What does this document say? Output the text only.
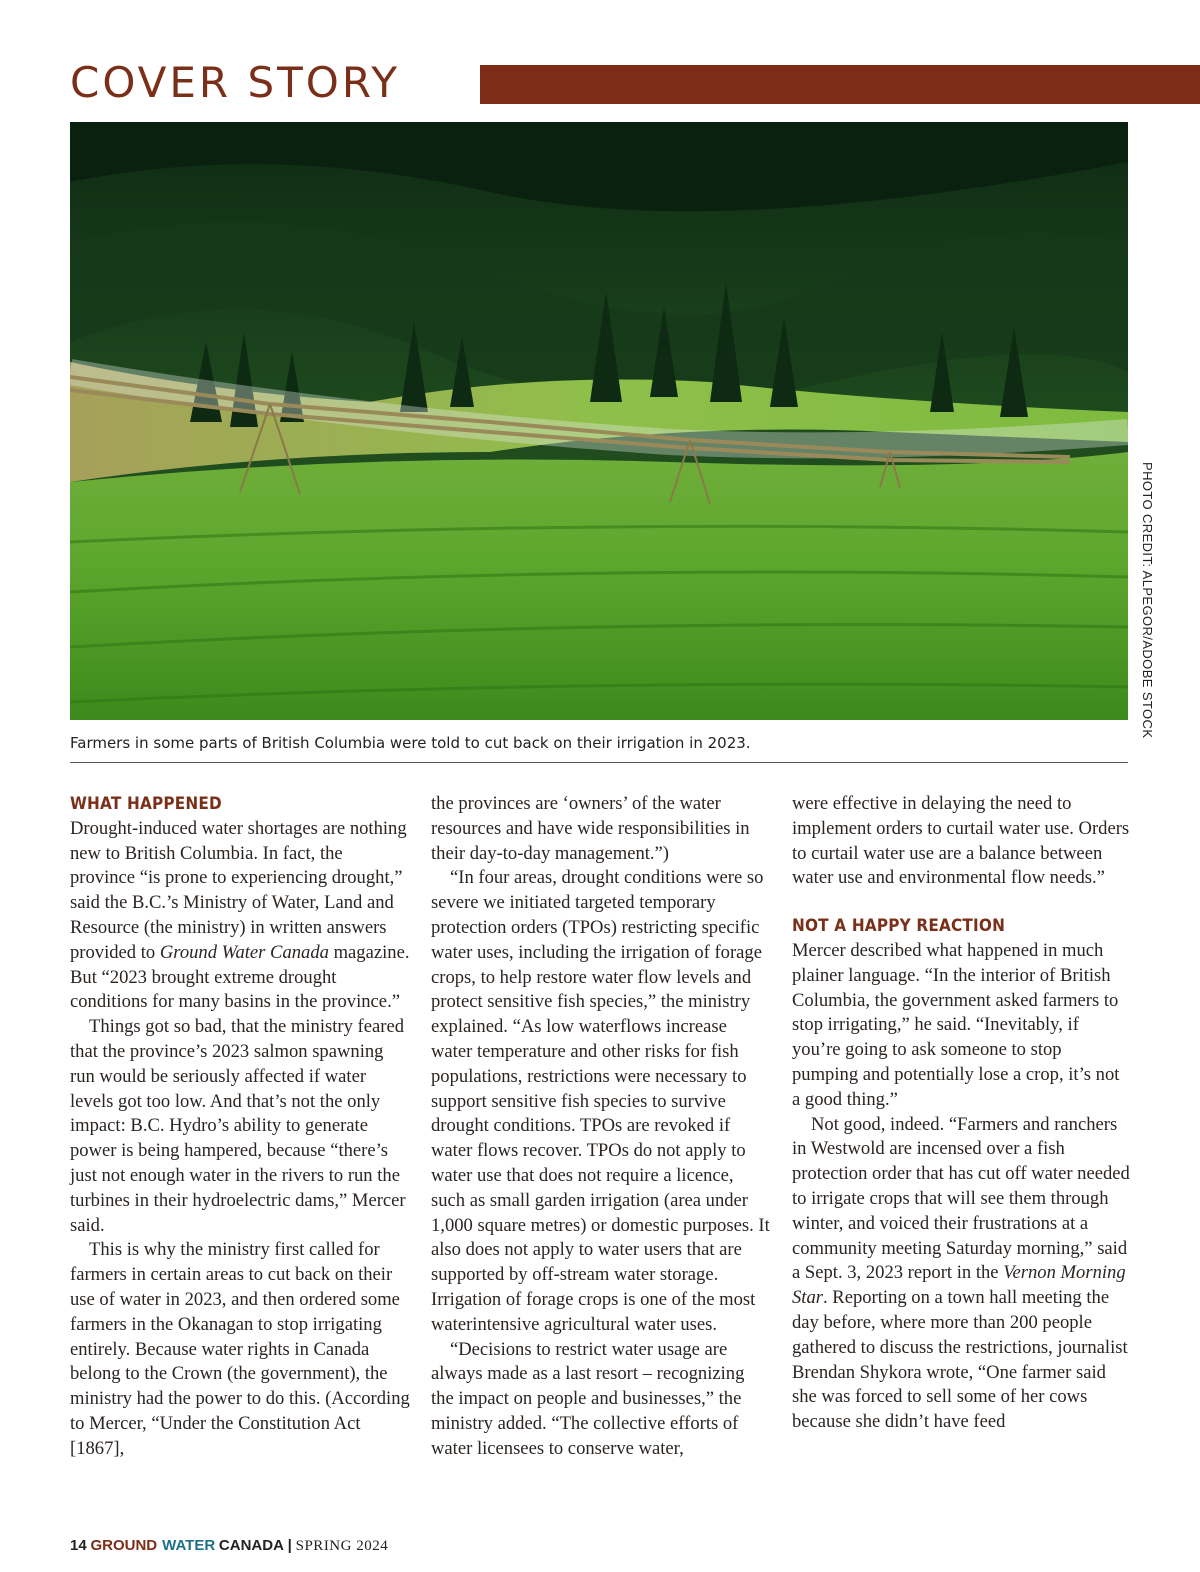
COVER STORY
PHOTO CREDIT: ALPEGOR/ADOBE STOCK
Farmers in some parts of British Columbia were told to cut back on their irrigation in 2023.
WHAT HAPPENED

Drought-induced water shortages are nothing new to British Columbia. In fact, the province “is prone to experiencing drought,” said the B.C.’s Ministry of Water, Land and Resource (the ministry) in written answers provided to Ground Water Canada magazine. But “2023 brought extreme drought conditions for many basins in the province.”

Things got so bad, that the ministry feared that the province’s 2023 salmon spawning run would be seriously affected if water levels got too low. And that’s not the only impact: B.C. Hydro’s ability to generate power is being hampered, because “there’s just not enough water in the rivers to run the turbines in their hydroelectric dams,” Mercer said.

This is why the ministry first called for farmers in certain areas to cut back on their use of water in 2023, and then ordered some farmers in the Okanagan to stop irrigating entirely. Because water rights in Canada belong to the Crown (the government), the ministry had the power to do this. (According to Mercer, “Under the Constitution Act [1867],

the provinces are ‘owners’ of the water resources and have wide responsibilities in their day-to-day management.”)

“In four areas, drought conditions were so severe we initiated targeted temporary protection orders (TPOs) restricting specific water uses, including the irrigation of forage crops, to help restore water flow levels and protect sensitive fish species,” the ministry explained. “As low waterflows increase water temperature and other risks for fish populations, restrictions were necessary to support sensitive fish species to survive drought conditions. TPOs are revoked if water flows recover. TPOs do not apply to water use that does not require a licence, such as small garden irrigation (area under 1,000 square metres) or domestic purposes. It also does not apply to water users that are supported by off-stream water storage. Irrigation of forage crops is one of the most waterintensive agricultural water uses.

“Decisions to restrict water usage are always made as a last resort – recognizing the impact on people and businesses,” the ministry added. “The collective efforts of water licensees to conserve water,

were effective in delaying the need to implement orders to curtail water use. Orders to curtail water use are a balance between water use and environmental flow needs.”

NOT A HAPPY REACTION

Mercer described what happened in much plainer language. “In the interior of British Columbia, the government asked farmers to stop irrigating,” he said. “Inevitably, if you’re going to ask someone to stop pumping and potentially lose a crop, it’s not a good thing.”

Not good, indeed. “Farmers and ranchers in Westwold are incensed over a fish protection order that has cut off water needed to irrigate crops that will see them through winter, and voiced their frustrations at a community meeting Saturday morning,” said a Sept. 3, 2023 report in the Vernon Morning Star. Reporting on a town hall meeting the day before, where more than 200 people gathered to discuss the restrictions, journalist Brendan Shykora wrote, “One farmer said she was forced to sell some of her cows because she didn’t have feed

14 GROUND WATER CANADA | SPRING 2024
